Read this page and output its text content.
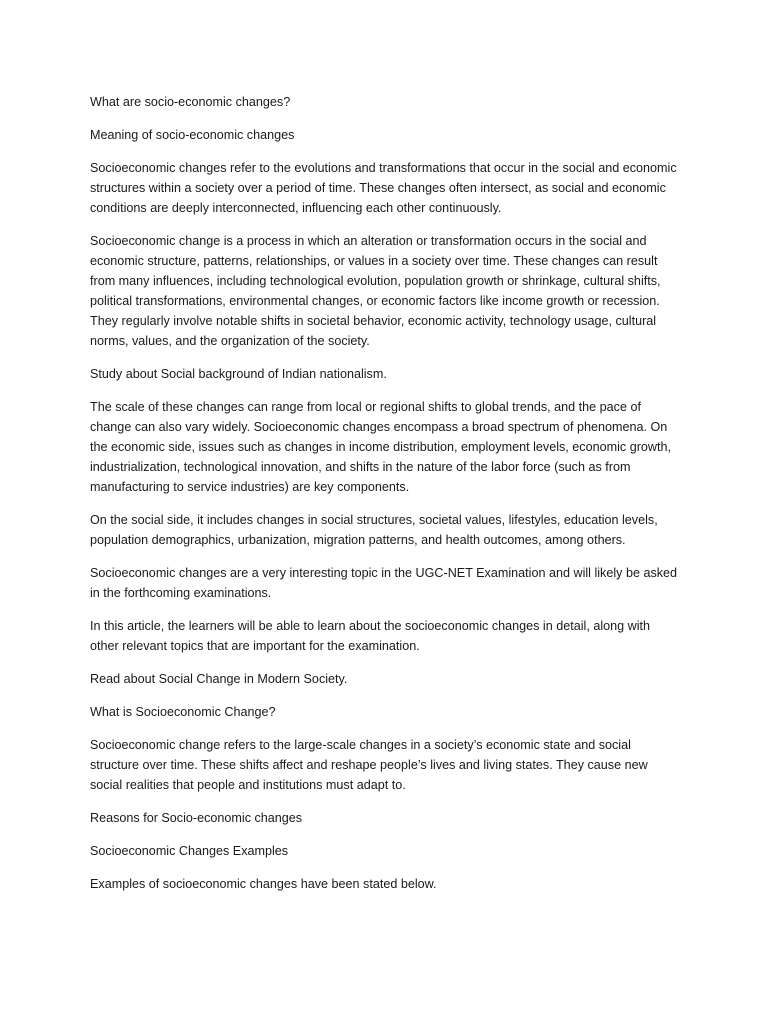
What are socio-economic changes?

Meaning of socio-economic changes

Socioeconomic changes refer to the evolutions and transformations that occur in the social and economic structures within a society over a period of time. These changes often intersect, as social and economic conditions are deeply interconnected, influencing each other continuously.

Socioeconomic change is a process in which an alteration or transformation occurs in the social and economic structure, patterns, relationships, or values in a society over time. These changes can result from many influences, including technological evolution, population growth or shrinkage, cultural shifts, political transformations, environmental changes, or economic factors like income growth or recession. They regularly involve notable shifts in societal behavior, economic activity, technology usage, cultural norms, values, and the organization of the society.

Study about Social background of Indian nationalism.

The scale of these changes can range from local or regional shifts to global trends, and the pace of change can also vary widely. Socioeconomic changes encompass a broad spectrum of phenomena. On the economic side, issues such as changes in income distribution, employment levels, economic growth, industrialization, technological innovation, and shifts in the nature of the labor force (such as from manufacturing to service industries) are key components.

On the social side, it includes changes in social structures, societal values, lifestyles, education levels, population demographics, urbanization, migration patterns, and health outcomes, among others.

Socioeconomic changes are a very interesting topic in the UGC-NET Examination and will likely be asked in the forthcoming examinations.

In this article, the learners will be able to learn about the socioeconomic changes in detail, along with other relevant topics that are important for the examination.

Read about Social Change in Modern Society.

What is Socioeconomic Change?

Socioeconomic change refers to the large-scale changes in a society’s economic state and social structure over time. These shifts affect and reshape people’s lives and living states. They cause new social realities that people and institutions must adapt to.

Reasons for Socio-economic changes

Socioeconomic Changes Examples

Examples of socioeconomic changes have been stated below.
